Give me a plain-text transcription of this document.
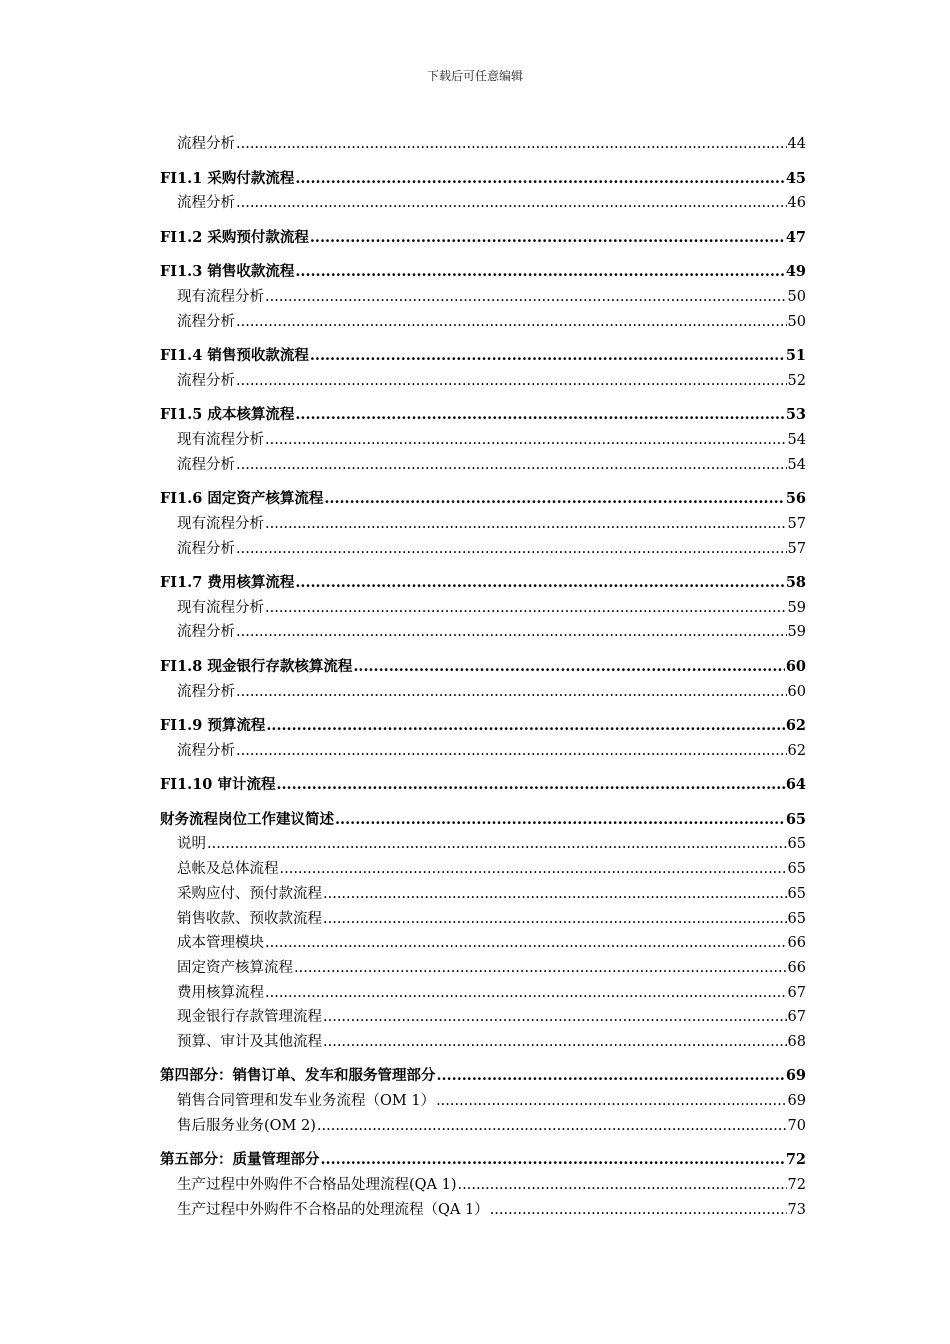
下载后可任意编辑
流程分析 .....	44
FI1.1 采购付款流程 .....	45
流程分析 .....	46
FI1.2 采购预付款流程 .....	47
FI1.3 销售收款流程 .....	49
现有流程分析 .....	50
流程分析 .....	50
FI1.4 销售预收款流程 .....	51
流程分析 .....	52
FI1.5 成本核算流程 .....	53
现有流程分析 .....	54
流程分析 .....	54
FI1.6 固定资产核算流程 .....	56
现有流程分析 .....	57
流程分析 .....	57
FI1.7 费用核算流程 .....	58
现有流程分析 .....	59
流程分析 .....	59
FI1.8 现金银行存款核算流程 .....	60
流程分析 .....	60
FI1.9 预算流程 .....	62
流程分析 .....	62
FI1.10 审计流程 .....	64
财务流程岗位工作建议简述 .....	65
说明 .....	65
总帐及总体流程 .....	65
采购应付、预付款流程 .....	65
销售收款、预收款流程 .....	65
成本管理模块 .....	66
固定资产核算流程 .....	66
费用核算流程 .....	67
现金银行存款管理流程 .....	67
预算、审计及其他流程 .....	68
第四部分：销售订单、发车和服务管理部分 .....	69
销售合同管理和发车业务流程（OM 1） .....	69
售后服务业务(OM 2) .....	70
第五部分：质量管理部分 .....	72
生产过程中外购件不合格品处理流程(QA 1) .....	72
生产过程中外购件不合格品的处理流程（QA 1） .....	73
